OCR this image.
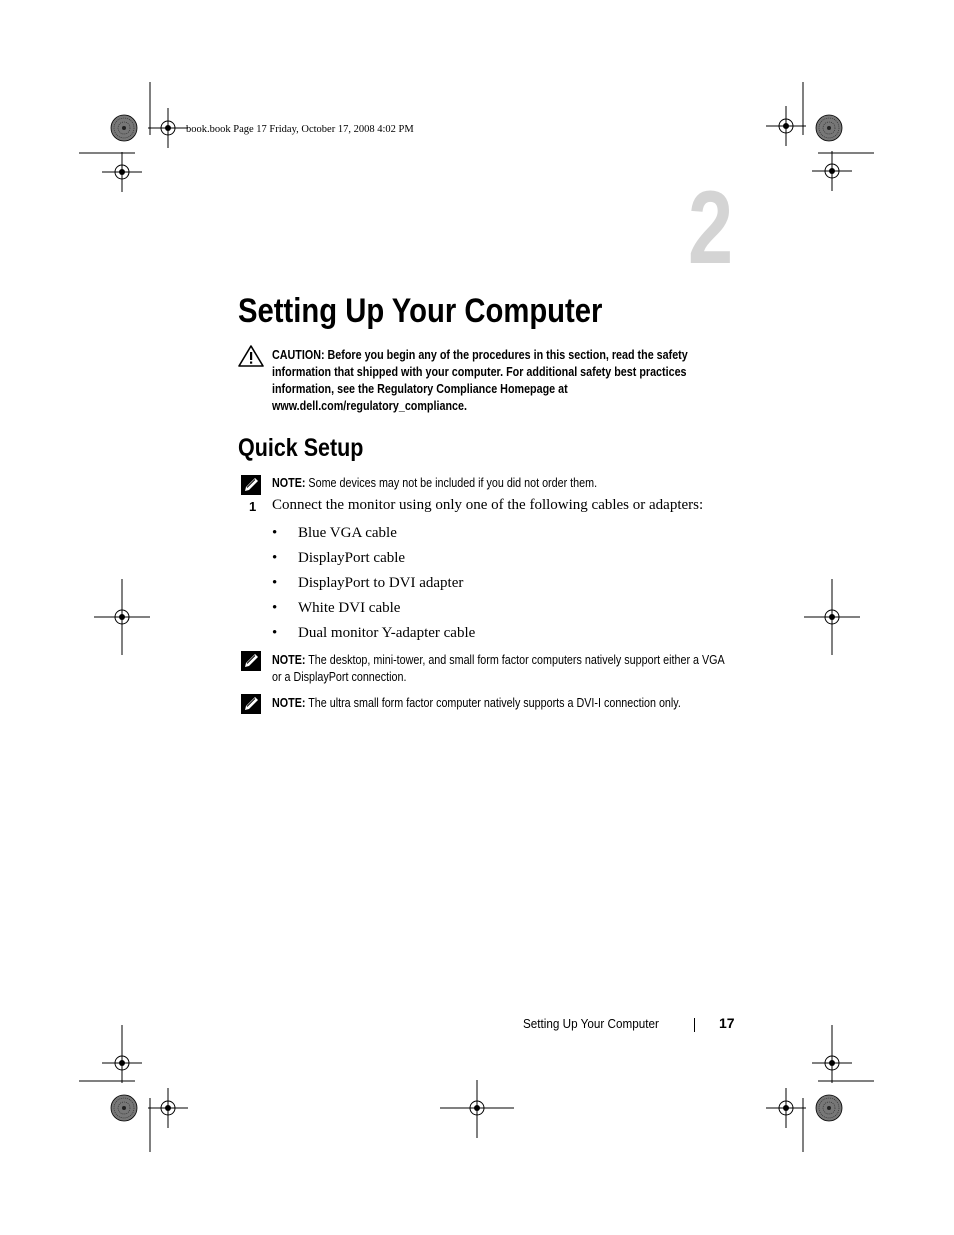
book.book Page 17 Friday, October 17, 2008 4:02 PM
2
Setting Up Your Computer
CAUTION: Before you begin any of the procedures in this section, read the safety information that shipped with your computer. For additional safety best practices information, see the Regulatory Compliance Homepage at www.dell.com/regulatory_compliance.
Quick Setup
NOTE: Some devices may not be included if you did not order them.
1 Connect the monitor using only one of the following cables or adapters:
• Blue VGA cable
• DisplayPort cable
• DisplayPort to DVI adapter
• White DVI cable
• Dual monitor Y-adapter cable
NOTE: The desktop, mini-tower, and small form factor computers natively support either a VGA or a DisplayPort connection.
NOTE: The ultra small form factor computer natively supports a DVI-I connection only.
Setting Up Your Computer	17
